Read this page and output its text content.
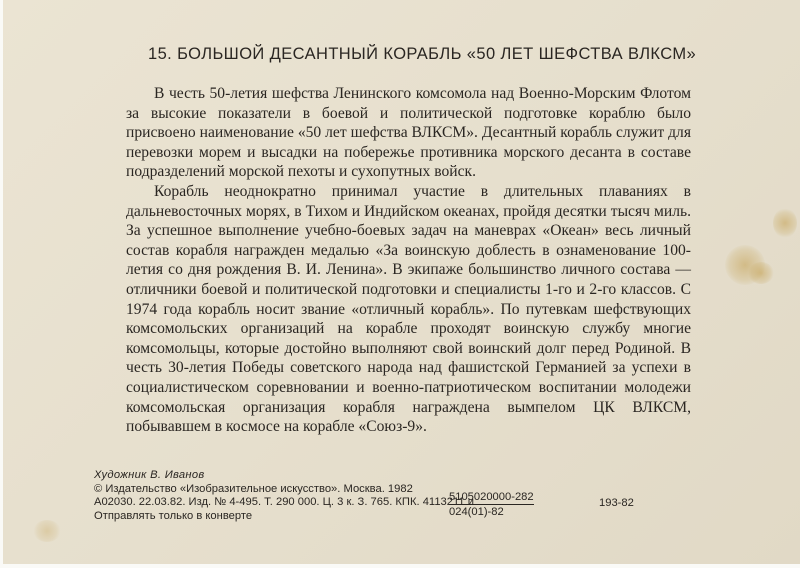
15. БОЛЬШОЙ ДЕСАНТНЫЙ КОРАБЛЬ «50 ЛЕТ ШЕФСТВА ВЛКСМ»

В честь 50-летия шефства Ленинского комсомола над Военно-Морским Флотом за высокие показатели в боевой и политической подготовке кораблю было присвоено наименование «50 лет шефства ВЛКСМ». Десантный корабль служит для перевозки морем и высадки на побережье противника морского десанта в составе подразделений морской пехоты и сухопутных войск.

Корабль неоднократно принимал участие в длительных плаваниях в дальневосточных морях, в Тихом и Индийском океанах, пройдя десятки тысяч миль. За успешное выполнение учебно-боевых задач на маневрах «Океан» весь личный состав корабля награжден медалью «За воинскую доблесть в ознаменование 100-летия со дня рождения В. И. Ленина». В экипаже большинство личного состава — отличники боевой и политической подготовки и специалисты 1-го и 2-го классов. С 1974 года корабль носит звание «отличный корабль». По путевкам шефствующих комсомольских организаций на корабле проходят воинскую службу многие комсомольцы, которые достойно выполняют свой воинский долг перед Родиной. В честь 30-летия Победы советского народа над фашистской Германией за успехи в социалистическом соревновании и военно-патриотическом воспитании молодежи комсомольская организация корабля награждена вымпелом ЦК ВЛКСМ, побывавшем в космосе на корабле «Союз-9».

Художник В. Иванов
© Издательство «Изобразительное искусство». Москва. 1982
А02030. 22.03.82. Изд. № 4-495. Т. 290 000. Ц. 3 к. З. 765. КПК. 4113211 и
Отправлять только в конверте	$\frac{5105020000-282}{024(01)-82}$	193-82
